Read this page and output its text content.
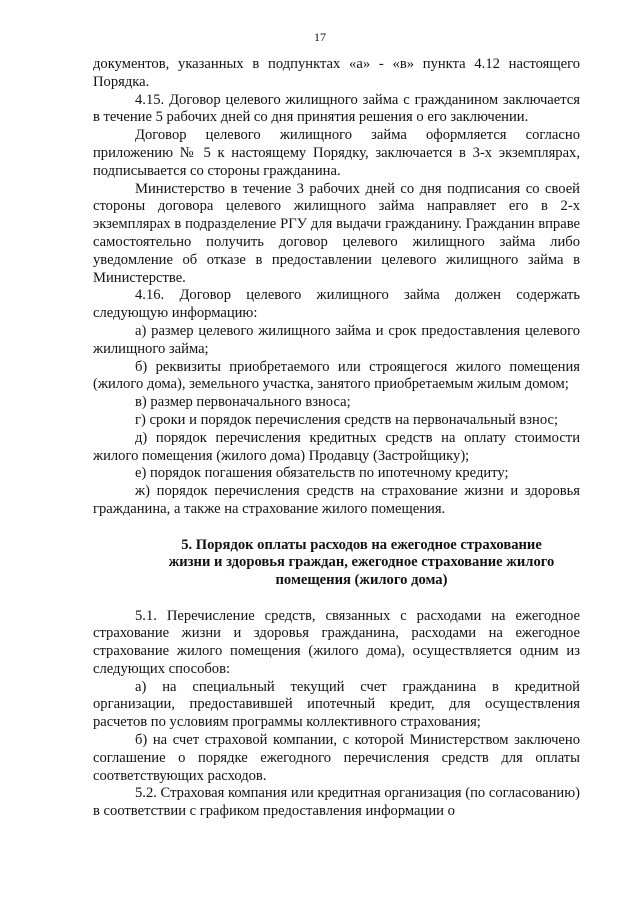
17

документов, указанных в подпунктах «а» - «в» пункта 4.12 настоящего Порядка.

4.15. Договор целевого жилищного займа с гражданином заключается в течение 5 рабочих дней со дня принятия решения о его заключении.

Договор целевого жилищного займа оформляется согласно приложению № 5 к настоящему Порядку, заключается в 3-х экземплярах, подписывается со стороны гражданина.

Министерство в течение 3 рабочих дней со дня подписания со своей стороны договора целевого жилищного займа направляет его в 2-х экземплярах в подразделение РГУ для выдачи гражданину. Гражданин вправе самостоятельно получить договор целевого жилищного займа либо уведомление об отказе в предоставлении целевого жилищного займа в Министерстве.

4.16. Договор целевого жилищного займа должен содержать следующую информацию:

а) размер целевого жилищного займа и срок предоставления целевого жилищного займа;

б) реквизиты приобретаемого или строящегося жилого помещения (жилого дома), земельного участка, занятого приобретаемым жилым домом;

в) размер первоначального взноса;

г) сроки и порядок перечисления средств на первоначальный взнос;

д) порядок перечисления кредитных средств на оплату стоимости жилого помещения (жилого дома) Продавцу (Застройщику);

е) порядок погашения обязательств по ипотечному кредиту;

ж) порядок перечисления средств на страхование жизни и здоровья гражданина, а также на страхование жилого помещения.

5. Порядок оплаты расходов на ежегодное страхование
жизни и здоровья граждан, ежегодное страхование жилого
помещения (жилого дома)

5.1. Перечисление средств, связанных с расходами на ежегодное страхование жизни и здоровья гражданина, расходами на ежегодное страхование жилого помещения (жилого дома), осуществляется одним из следующих способов:

а) на специальный текущий счет гражданина в кредитной организации, предоставившей ипотечный кредит, для осуществления расчетов по условиям программы коллективного страхования;

б) на счет страховой компании, с которой Министерством заключено соглашение о порядке ежегодного перечисления средств для оплаты соответствующих расходов.

5.2. Страховая компания или кредитная организация (по согласованию) в соответствии с графиком предоставления информации о
